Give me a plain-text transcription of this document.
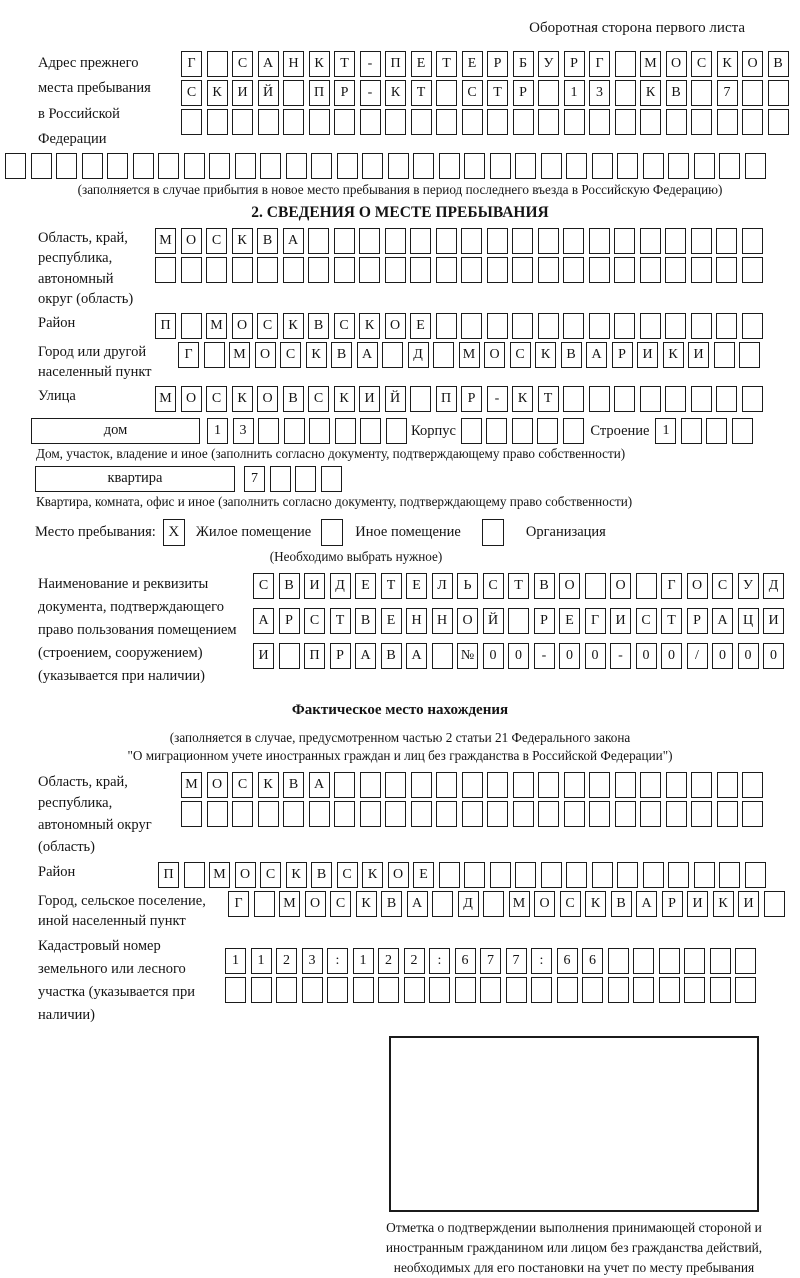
Оборотная сторона первого листа
Адрес прежнего места пребывания в Российской Федерации
Г	С	А	Н	К	Т	-	П	Е	Т	Е	Р	Б	У	Р	Г	М	О	С	К	О	В
С	К	И	Й	П	Р	-	К	Т	С	Т	Р	1	3	К	В	7
(заполняется в случае прибытия в новое место пребывания в период последнего въезда в Российскую Федерацию)
2. СВЕДЕНИЯ О МЕСТЕ ПРЕБЫВАНИЯ
Область, край, республика, автономный округ (область)
М	О	С	К	В	А
Район	П	М	О	С	К	В	С	К	О	Е
Город или другой населенный пункт
Г	М	О	С	К	В	А	Д	М	О	С	К	В	А	Р	И	К	И
Улица	М	О	С	К	О	В	С	К	И	Й	П	Р	-	К	Т
дом	1	3	Корпус	Строение 1
Дом, участок, владение и иное (заполнить согласно документу, подтверждающему право собственности)
квартира	7
Квартира, комната, офис и иное (заполнить согласно документу, подтверждающему право собственности)
Место пребывания: X	Жилое помещение	Иное помещение	Организация
(Необходимо выбрать нужное)
Наименование и реквизиты документа, подтверждающего право пользования помещением (строением, сооружением) (указывается при наличии)
С	В	И	Д	Е	Т	Е	Л	Ь	С	Т	В	О	О	Г	О	С	У	Д
А	Р	С	Т	В	Е	Н	Н	О	Й	Р	Е	Г	И	С	Т	Р	А	Ц	И
И	П	Р	А	В	А	№	0	0	-	0	0	-	0	0	/	0	0	0
Фактическое место нахождения
(заполняется в случае, предусмотренном частью 2 статьи 21 Федерального закона
"О миграционном учете иностранных граждан и лиц без гражданства в Российской Федерации")
Область, край, республика, автономный округ (область)
М	О	С	К	В	А
Район	П	М	О	С	К	В	С	К	О	Е
Город, сельское поселение, иной населенный пункт
Г	М	О	С	К	В	А	Д	М	О	С	К	В	А	Р	И	К	И
Кадастровый номер земельного или лесного участка (указывается при наличии)
1	1	2	3	:	1	2	2	:	6	7	7	:	6	6
Отметка о подтверждении выполнения принимающей стороной и иностранным гражданином или лицом без гражданства действий, необходимых для его постановки на учет по месту пребывания
